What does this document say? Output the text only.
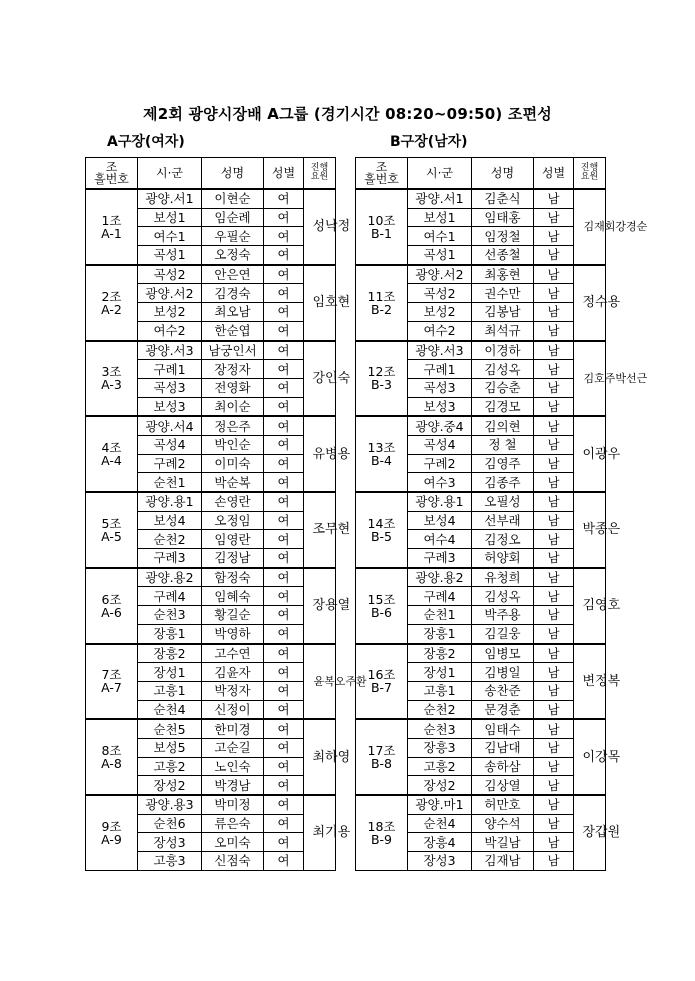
제2회 광양시장배 A그룹 (경기시간 08:20~09:50) 조편성
A구장(여자)	B구장(남자)
조
홀번호	시·군	성명	성별	진행
요원
1조
A-1	광양.서1	이현순	여	성낙정

	보성1	임순례	여	
	여수1	우필순	여	
	곡성1	오정숙	여	
2조
A-2	곡성2	안은연	여	임호현

	광양.서2	김경숙	여	
	보성2	최오남	여	
	여수2	한순엽	여	
3조
A-3	광양.서3	남궁인서	여	강인숙

	구례1	장정자	여	
	곡성3	전영화	여	
	보성3	최이순	여	
4조
A-4	광양.서4	정은주	여	유병용

	곡성4	박인순	여	
	구례2	이미숙	여	
	순천1	박순복	여	
5조
A-5	광양.용1	손영란	여	조무현

	보성4	오정임	여	
	순천2	임영란	여	
	구례3	김정남	여	
6조
A-6	광양.용2	함정숙	여	장용열

	구례4	임혜숙	여	
	순천3	황길순	여	
	장흥1	박영하	여	
7조
A-7	장흥2	고수연	여	윤복오주환

	장성1	김윤자	여	
	고흥1	박정자	여	
	순천4	신정이	여	
8조
A-8	순천5	한미경	여	최하영

	보성5	고순길	여	
	고흥2	노인숙	여	
	장성2	박경남	여	
9조
A-9	광양.용3	박미정	여	최기용

	순천6	류은숙	여	
	장성3	오미숙	여	
	고흥3	신점숙	여	
조
홀번호	시·군	성명	성별	진행
요원
10조
B-1	광양.서1	김춘식	남	김재회강경순

	보성1	임태홍	남	
	여수1	임정철	남	
	곡성1	선종철	남	
11조
B-2	광양.서2	최홍현	남	정수용

	곡성2	권수만	남	
	보성2	김봉남	남	
	여수2	최석규	남	
12조
B-3	광양.서3	이경하	남	김호주박선근

	구례1	김성옥	남	
	곡성3	김승춘	남	
	보성3	김경모	남	
13조
B-4	광양.중4	김의현	남	이광우

	곡성4	정 철	남	
	구례2	김영주	남	
	여수3	김종주	남	
14조
B-5	광양.용1	오필성	남	박종은

	보성4	선부래	남	
	여수4	김정오	남	
	구례3	허양회	남	
15조
B-6	광양.용2	유청희	남	김영호

	구례4	김성옥	남	
	순천1	박주용	남	
	장흥1	김길웅	남	
16조
B-7	장흥2	임병모	남	변정복

	장성1	김병일	남	
	고흥1	송찬준	남	
	순천2	문경춘	남	
17조
B-8	순천3	임태수	남	이강목

	장흥3	김남대	남	
	고흥2	송하삼	남	
	장성2	김상열	남	
18조
B-9	광양.마1	허만호	남	장갑원

	순천4	양수석	남	
	장흥4	박길남	남	
	장성3	김재남	남	
